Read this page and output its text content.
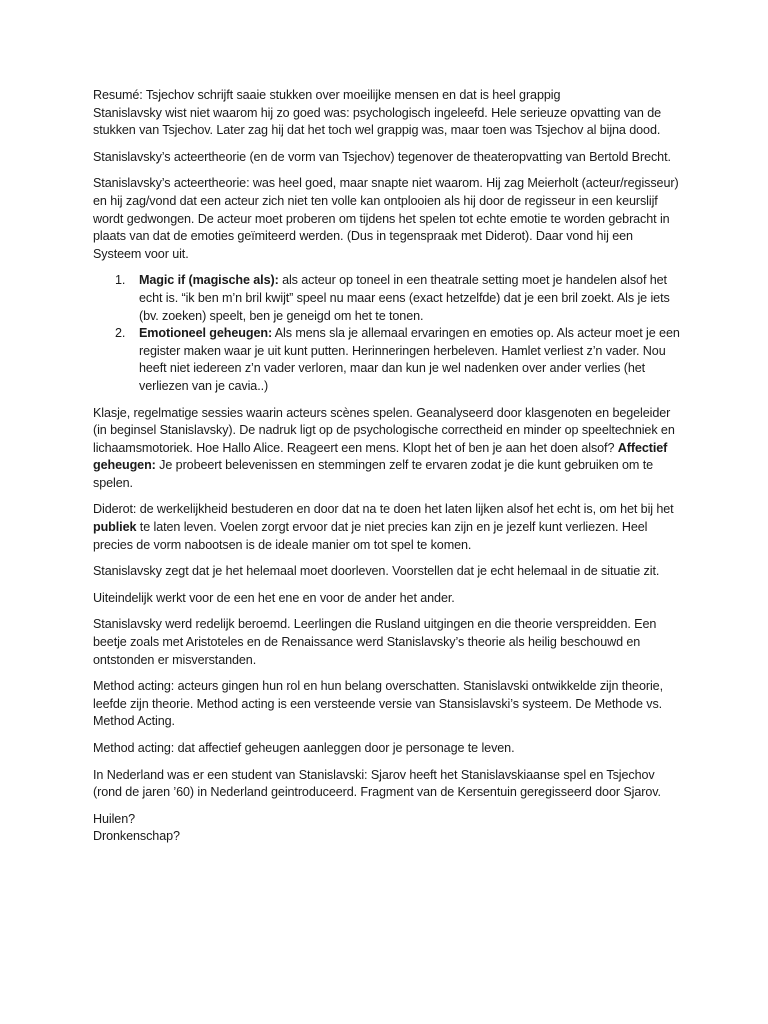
Resumé: Tsjechov schrijft saaie stukken over moeilijke mensen en dat is heel grappig
Stanislavsky wist niet waarom hij zo goed was: psychologisch ingeleefd. Hele serieuze opvatting van de stukken van Tsjechov. Later zag hij dat het toch wel grappig was, maar toen was Tsjechov al bijna dood.

Stanislavsky’s acteertheorie (en de vorm van Tsjechov) tegenover de theateropvatting van Bertold Brecht.

Stanislavsky’s acteertheorie: was heel goed, maar snapte niet waarom. Hij zag Meierholt (acteur/regisseur) en hij zag/vond dat een acteur zich niet ten volle kan ontplooien als hij door de regisseur in een keurslijf wordt gedwongen. De acteur moet proberen om tijdens het spelen tot echte emotie te worden gebracht in plaats van dat de emoties geïmiteerd werden. (Dus in tegenspraak met Diderot). Daar vond hij een Systeem voor uit.

1. Magic if (magische als): als acteur op toneel in een theatrale setting moet je handelen alsof het echt is. “ik ben m’n bril kwijt” speel nu maar eens (exact hetzelfde) dat je een bril zoekt. Als je iets (bv. zoeken) speelt, ben je geneigd om het te tonen.
2. Emotioneel geheugen: Als mens sla je allemaal ervaringen en emoties op. Als acteur moet je een register maken waar je uit kunt putten. Herinneringen herbeleven. Hamlet verliest z’n vader. Nou heeft niet iedereen z’n vader verloren, maar dan kun je wel nadenken over ander verlies (het verliezen van je cavia..)

Klasje, regelmatige sessies waarin acteurs scènes spelen. Geanalyseerd door klasgenoten en begeleider (in beginsel Stanislavsky). De nadruk ligt op de psychologische correctheid en minder op speeltechniek en lichaamsmotoriek. Hoe Hallo Alice. Reageert een mens. Klopt het of ben je aan het doen alsof? Affectief geheugen: Je probeert belevenissen en stemmingen zelf te ervaren zodat je die kunt gebruiken om te spelen.

Diderot: de werkelijkheid bestuderen en door dat na te doen het laten lijken alsof het echt is, om het bij het publiek te laten leven. Voelen zorgt ervoor dat je niet precies kan zijn en je jezelf kunt verliezen. Heel precies de vorm nabootsen is de ideale manier om tot spel te komen.

Stanislavsky zegt dat je het helemaal moet doorleven. Voorstellen dat je echt helemaal in de situatie zit.

Uiteindelijk werkt voor de een het ene en voor de ander het ander.

Stanislavsky werd redelijk beroemd. Leerlingen die Rusland uitgingen en die theorie verspreidden. Een beetje zoals met Aristoteles en de Renaissance werd Stanislavsky’s theorie als heilig beschouwd en ontstonden er misverstanden.

Method acting: acteurs gingen hun rol en hun belang overschatten. Stanislavski ontwikkelde zijn theorie, leefde zijn theorie. Method acting is een versteende versie van Stansislavski’s systeem. De Methode vs. Method Acting.

Method acting: dat affectief geheugen aanleggen door je personage te leven.

In Nederland was er een student van Stanislavski: Sjarov heeft het Stanislavskiaanse spel en Tsjechov (rond de jaren ’60) in Nederland geintroduceerd. Fragment van de Kersentuin geregisseerd door Sjarov.

Huilen?
Dronkenschap?
